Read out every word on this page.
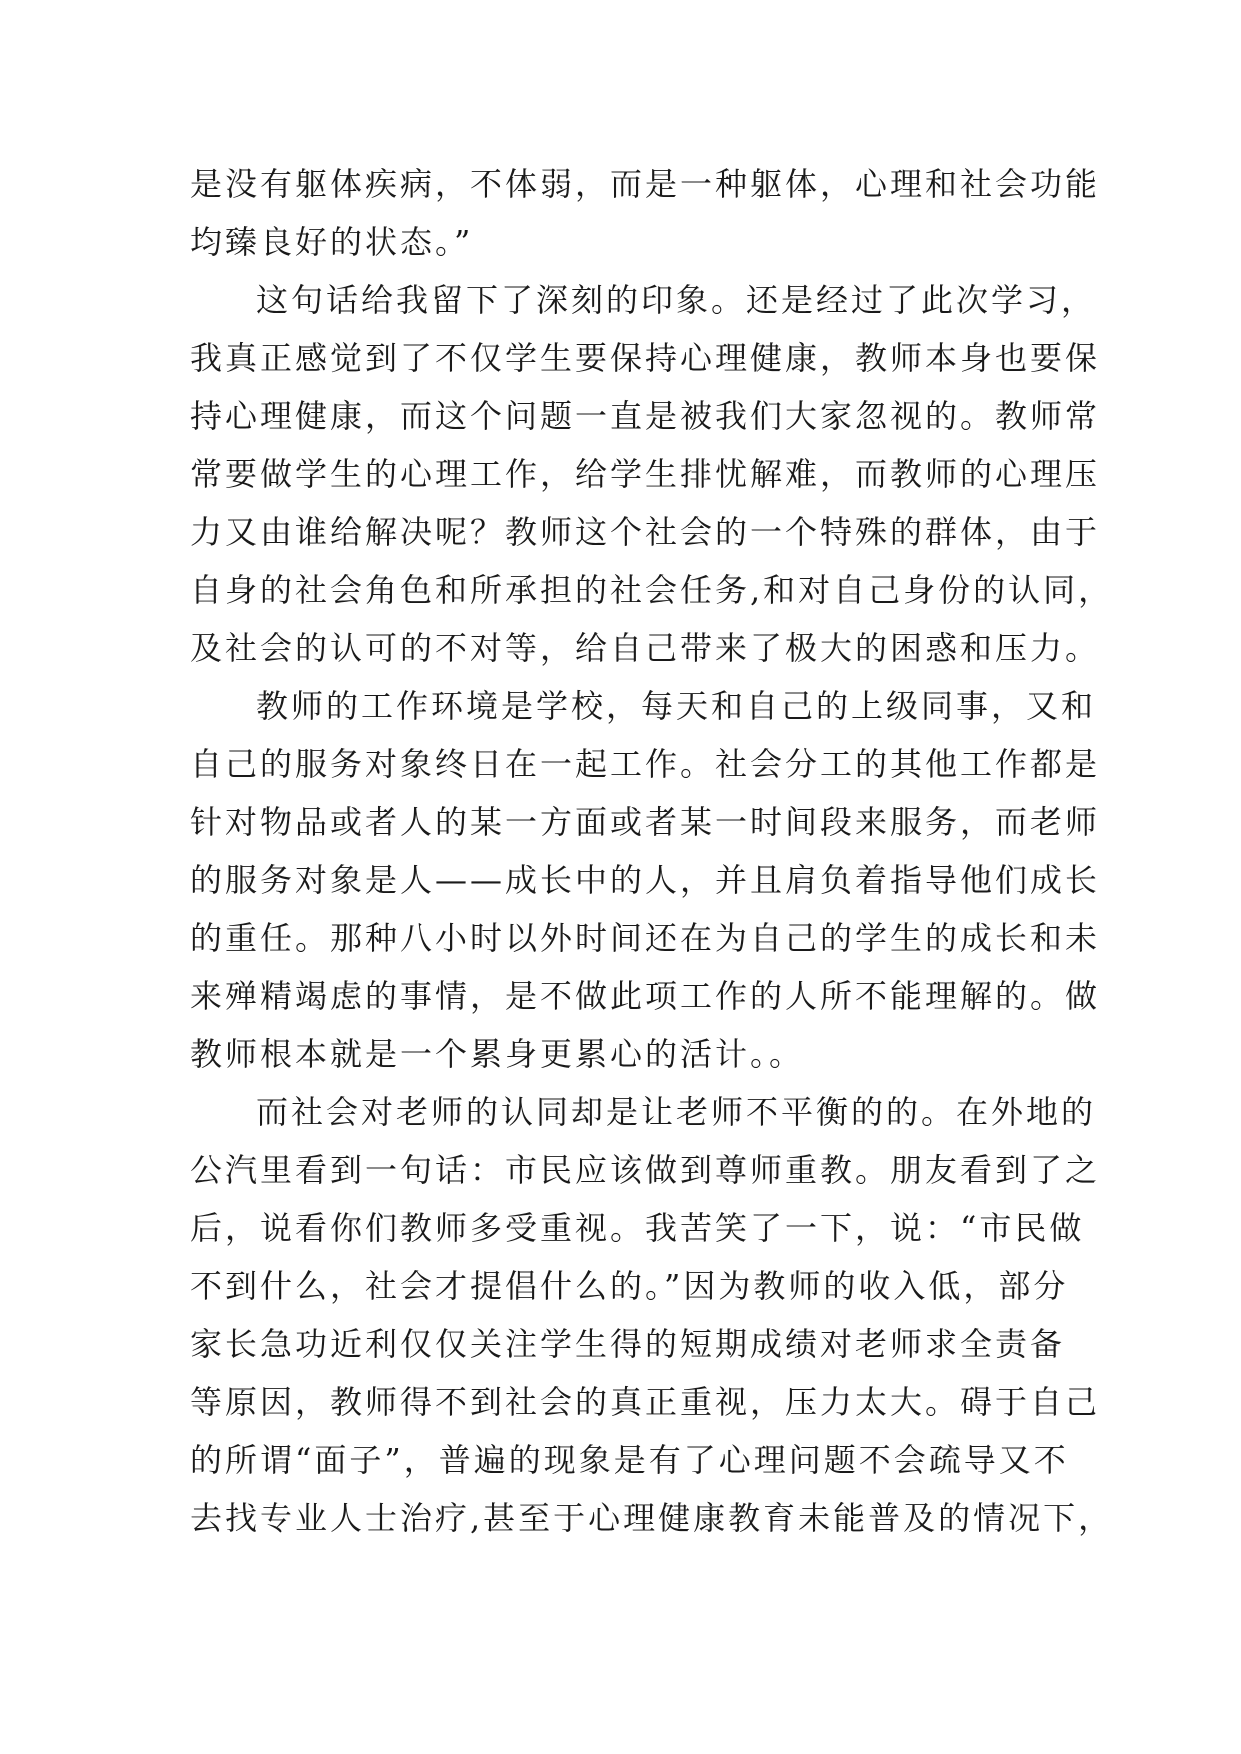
是没有躯体疾病，不体弱，而是一种躯体，心理和社会功能
均臻良好的状态。”
这句话给我留下了深刻的印象。还是经过了此次学习，
我真正感觉到了不仅学生要保持心理健康，教师本身也要保
持心理健康，而这个问题一直是被我们大家忽视的。教师常
常要做学生的心理工作，给学生排忧解难，而教师的心理压
力又由谁给解决呢？教师这个社会的一个特殊的群体，由于
自身的社会角色和所承担的社会任务,和对自己身份的认同，
及社会的认可的不对等，给自己带来了极大的困惑和压力。
教师的工作环境是学校，每天和自己的上级同事，又和
自己的服务对象终日在一起工作。社会分工的其他工作都是
针对物品或者人的某一方面或者某一时间段来服务，而老师
的服务对象是人——成长中的人，并且肩负着指导他们成长
的重任。那种八小时以外时间还在为自己的学生的成长和未
来殚精竭虑的事情，是不做此项工作的人所不能理解的。做
教师根本就是一个累身更累心的活计。。
而社会对老师的认同却是让老师不平衡的的。在外地的
公汽里看到一句话：市民应该做到尊师重教。朋友看到了之
后，说看你们教师多受重视。我苦笑了一下，说：“市民做
不到什么，社会才提倡什么的。”因为教师的收入低，部分
家长急功近利仅仅关注学生得的短期成绩对老师求全责备
等原因，教师得不到社会的真正重视，压力太大。碍于自己
的所谓“面子”，普遍的现象是有了心理问题不会疏导又不
去找专业人士治疗,甚至于心理健康教育未能普及的情况下，
